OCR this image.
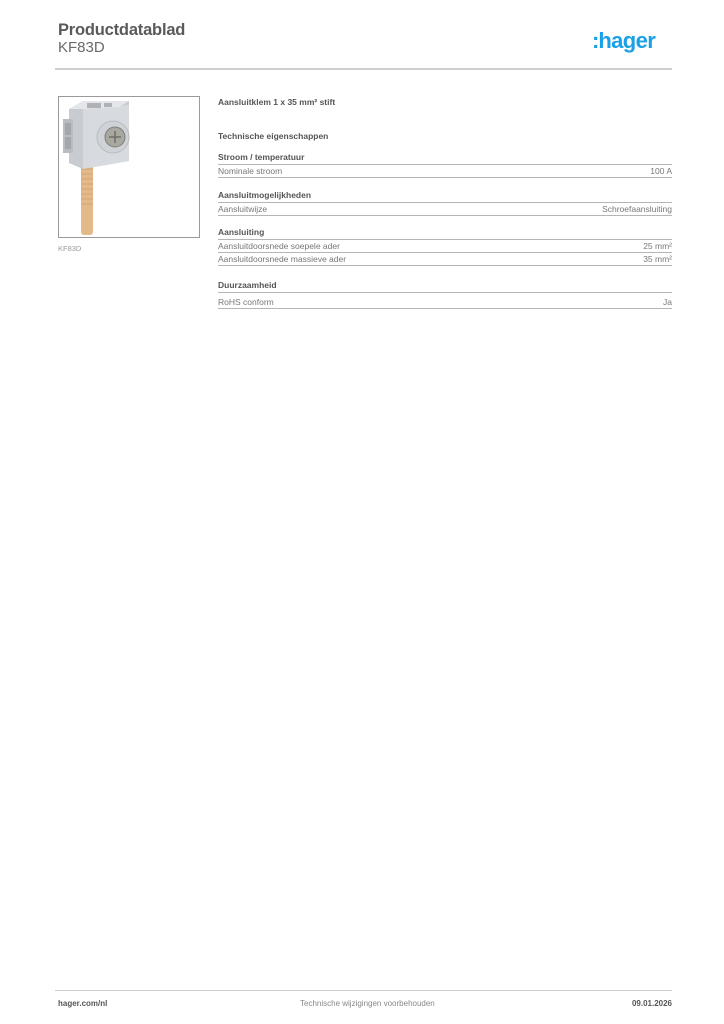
Productdatablad
KF83D	:hager
KF83D
Aansluitklem 1 x 35 mm² stift
Technische eigenschappen
Stroom / temperatuur
Nominale stroom	100 A
Aansluitmogelijkheden
Aansluitwijze	Schroefaansluiting
Aansluiting
Aansluitdoorsnede soepele ader	25 mm²
Aansluitdoorsnede massieve ader	35 mm²
Duurzaamheid
RoHS conform	Ja
hager.com/nl	Technische wijzigingen voorbehouden	09.01.2026
